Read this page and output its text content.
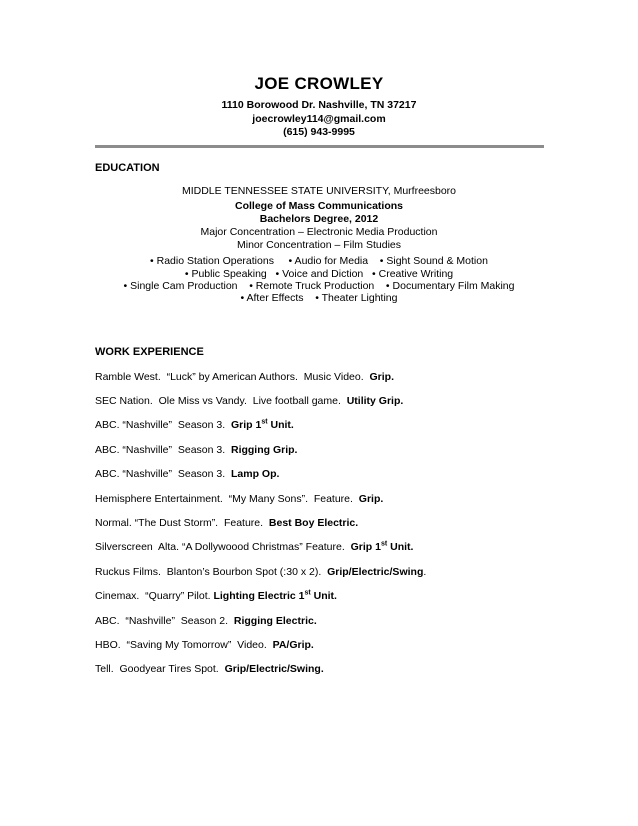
JOE CROWLEY
1110 Borowood Dr. Nashville, TN 37217
joecrowley114@gmail.com
(615) 943-9995
EDUCATION
MIDDLE TENNESSEE STATE UNIVERSITY, Murfreesboro
College of Mass Communications
Bachelors Degree, 2012
Major Concentration – Electronic Media Production
Minor Concentration – Film Studies
• Radio Station Operations • Audio for Media • Sight Sound & Motion
• Public Speaking • Voice and Diction • Creative Writing
• Single Cam Production • Remote Truck Production • Documentary Film Making
• After Effects • Theater Lighting
WORK EXPERIENCE
Ramble West.  “Luck” by American Authors.  Music Video.  Grip.
SEC Nation.  Ole Miss vs Vandy.  Live football game.  Utility Grip.
ABC. “Nashville”  Season 3.  Grip 1st Unit.
ABC. “Nashville”  Season 3.  Rigging Grip.
ABC. “Nashville”  Season 3.  Lamp Op.
Hemisphere Entertainment.  “My Many Sons”.  Feature.  Grip.
Normal. “The Dust Storm”.  Feature.  Best Boy Electric.
Silverscreen  Alta. “A Dollywoood Christmas” Feature.  Grip 1st Unit.
Ruckus Films.  Blanton’s Bourbon Spot (:30 x 2).  Grip/Electric/Swing.
Cinemax.  “Quarry” Pilot. Lighting Electric 1st Unit.
ABC.  “Nashville”  Season 2.  Rigging Electric.
HBO.  “Saving My Tomorrow”  Video.  PA/Grip.
Tell.  Goodyear Tires Spot.  Grip/Electric/Swing.
